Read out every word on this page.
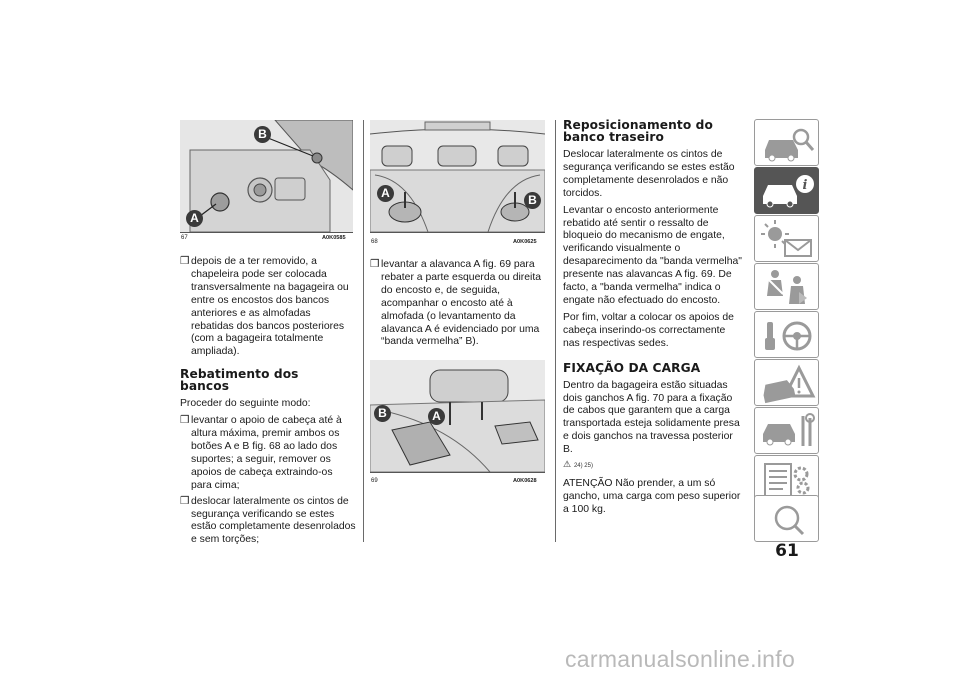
A
B
67	A0K0585
❒ depois de a ter removido, a chapeleira pode ser colocada transversalmente na bagageira ou entre os encostos dos bancos anteriores e as almofadas rebatidas dos bancos posteriores (com a bagageira totalmente ampliada).
Rebatimento dos bancos

Proceder do seguinte modo:

❒ levantar o apoio de cabeça até à altura máxima, premir ambos os botões A e B fig. 68 ao lado dos suportes; a seguir, remover os apoios de cabeça extraindo-os para cima;
❒ deslocar lateralmente os cintos de segurança verificando se estes estão completamente desenrolados e sem torções;
A	B
68	A0K0625
❒ levantar a alavanca A fig. 69 para rebater a parte esquerda ou direita do encosto e, de seguida, acompanhar o encosto até à almofada (o levantamento da alavanca A é evidenciado por uma “banda vermelha” B).
B	A
69	A0K0628
Reposicionamento do banco traseiro

Deslocar lateralmente os cintos de segurança verificando se estes estão completamente desenrolados e não torcidos.

Levantar o encosto anteriormente rebatido até sentir o ressalto de bloqueio do mecanismo de engate, verificando visualmente o desaparecimento da "banda vermelha" presente nas alavancas A fig. 69. De facto, a "banda vermelha" indica o engate não efectuado do encosto.

Por fim, voltar a colocar os apoios de cabeça inserindo-os correctamente nas respectivas sedes.

FIXAÇÃO DA CARGA

Dentro da bagageira estão situadas dois ganchos A fig. 70 para a fixação de cabos que garantem que a carga transportada esteja solidamente presa e dois ganchos na travessa posterior B.

⚠ 24) 25)

ATENÇÃO Não prender, a um só gancho, uma carga com peso superior a 100 kg.

i
61
carmanualsonline.info
